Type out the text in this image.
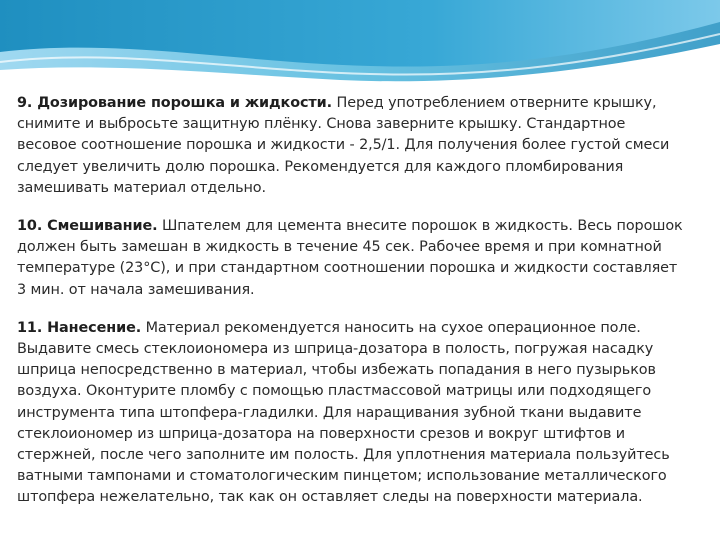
9. Дозирование порошка и жидкости. Перед употреблением отверните крышку,
снимите и выбросьте защитную плёнку. Снова заверните крышку. Стандартное
весовое соотношение порошка и жидкости - 2,5/1. Для получения более густой смеси
следует увеличить долю порошка. Рекомендуется для каждого пломбирования
замешивать материал отдельно.

10. Смешивание. Шпателем для цемента внесите порошок в жидкость. Весь порошок
должен быть замешан в жидкость в течение 45 сек. Рабочее время и при комнатной
температуре (23°С), и при стандартном соотношении порошка и жидкости составляет
3 мин. от начала замешивания.

11. Нанесение. Материал рекомендуется наносить на сухое операционное поле.
Выдавите смесь стеклоиономера из шприца-дозатора в полость, погружая насадку
шприца непосредственно в материал, чтобы избежать попадания в него пузырьков
воздуха. Оконтурите пломбу с помощью пластмассовой матрицы или подходящего
инструмента типа штопфера-гладилки. Для наращивания зубной ткани выдавите
стеклоиономер из шприца-дозатора на поверхности срезов и вокруг штифтов и
стержней, после чего заполните им полость. Для уплотнения материала пользуйтесь
ватными тампонами и стоматологическим пинцетом; использование металлического
штопфера нежелательно, так как он оставляет следы на поверхности материала.
